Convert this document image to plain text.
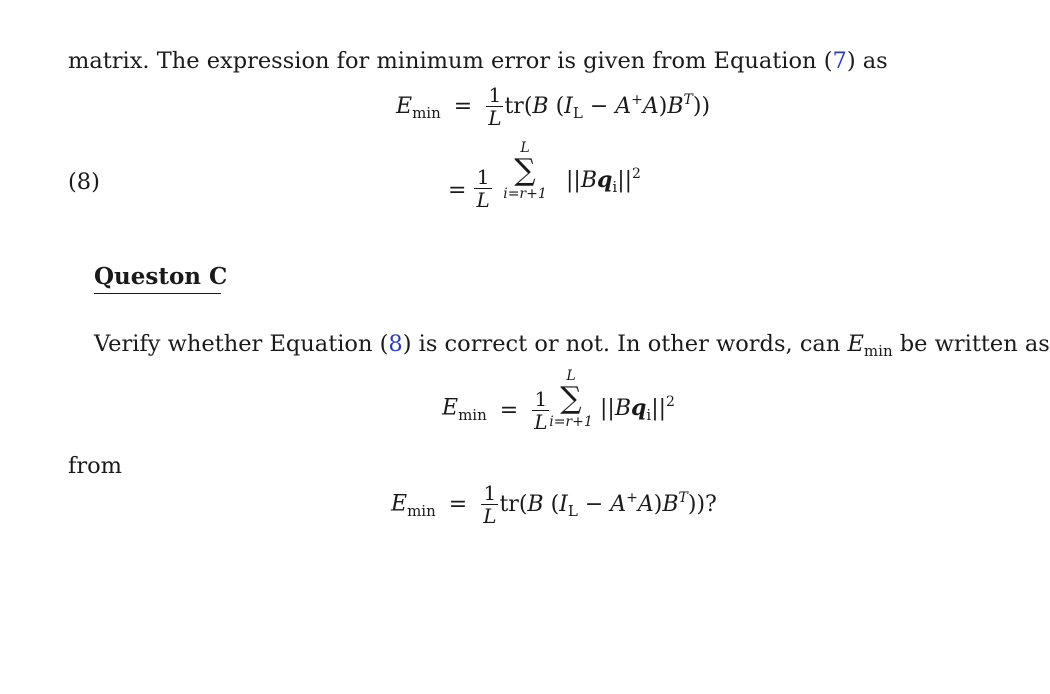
matrix. The expression for minimum error is given from Equation (7) as
$E_{min} = \frac{1}{L} tr(B$ $(I_L - A^+A)B^T$))
(8)	= $\frac{1}{L}$
L
∑
i=r+1
$||Bq_i||^2$
Queston C
Verify whether Equation (8) is correct or not. In other words, can $E_{min}$ be written as
$E_{min} = \frac{1}{L}$
L
∑
i=r+1
$||Bq_i||^2$
from
$E_{min} = \frac{1}{L} tr(B$ $(I_L - A^+A)B^T$))?
